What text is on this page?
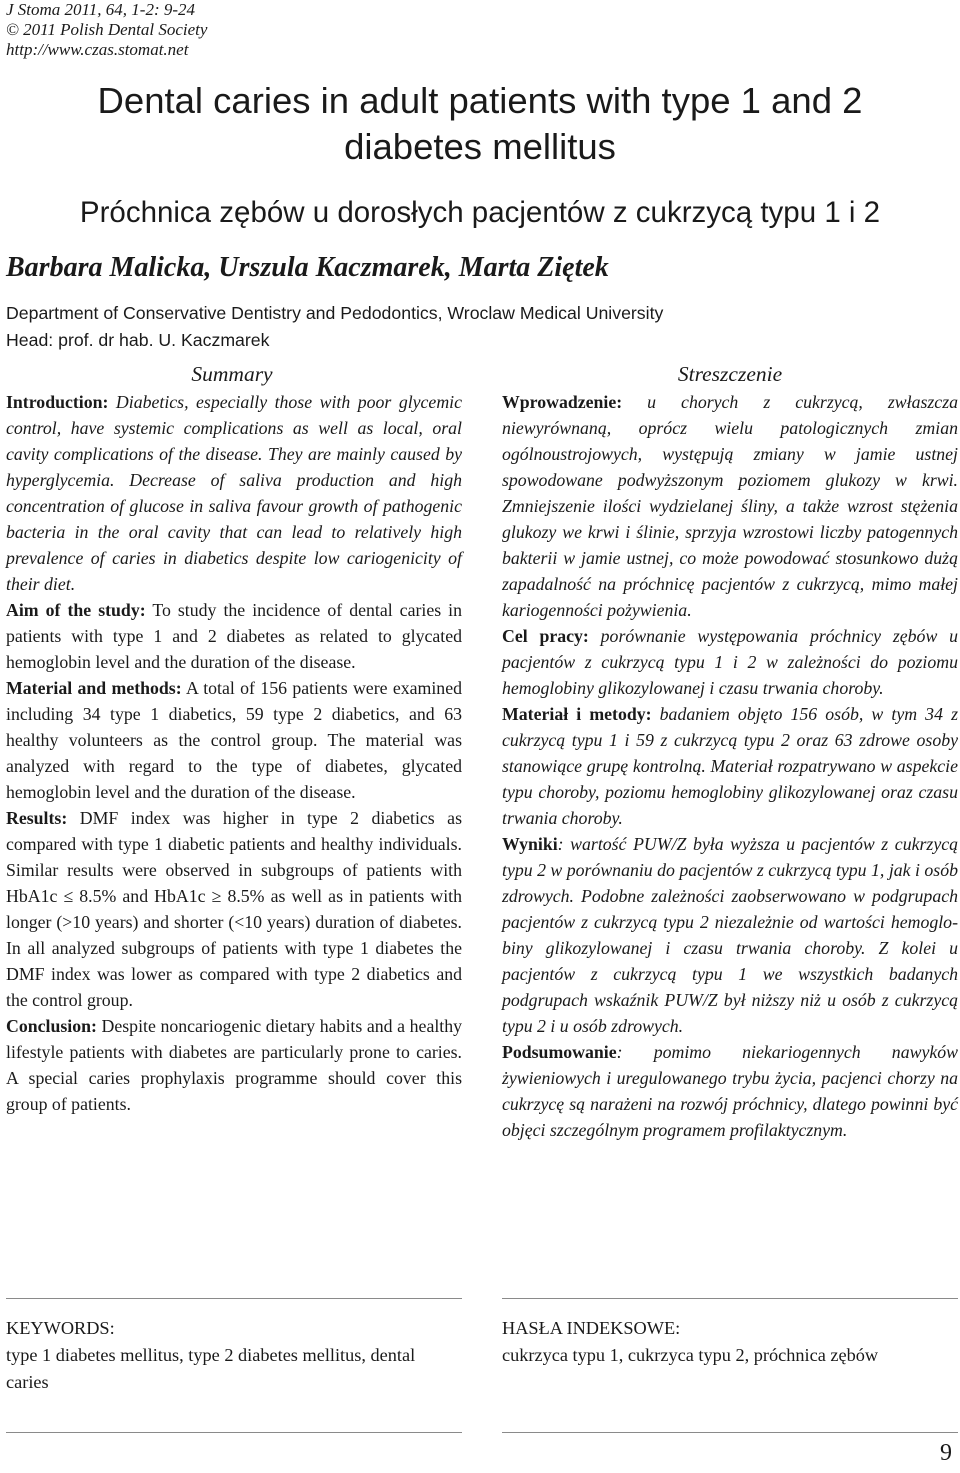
J Stoma 2011, 64, 1-2: 9-24
© 2011 Polish Dental Society
http://www.czas.stomat.net
Dental caries in adult patients with type 1 and 2 diabetes mellitus
Próchnica zębów u dorosłych pacjentów z cukrzycą typu 1 i 2
Barbara Malicka, Urszula Kaczmarek, Marta Ziętek
Department of Conservative Dentistry and Pedodontics, Wroclaw Medical University
Head: prof. dr hab. U. Kaczmarek
Summary	Streszczenie

Introduction: Diabetics, especially those with poor glycemic control, have systemic complications as well as local, oral cavity complications of the disease. They are mainly caused by hyperglycemia. Decrease of saliva production and high concentration of glucose in saliva favour growth of pathogenic bacteria in the oral cavity that can lead to relatively high prevalence of caries in diabetics despite low cariogenicity of their diet.

Aim of the study: To study the incidence of dental caries in patients with type 1 and 2 diabetes as related to glycated hemoglobin level and the duration of the disease.

Material and methods: A total of 156 patients were examined including 34 type 1 diabetics, 59 type 2 diabetics, and 63 healthy volunteers as the control group. The material was analyzed with regard to the type of diabetes, glycated hemoglobin level and the duration of the disease.

Results: DMF index was higher in type 2 diabetics as compared with type 1 diabetic patients and healthy individuals. Similar results were observed in subgroups of patients with HbA1c ≤ 8.5% and HbA1c ≥ 8.5% as well as in patients with longer (>10 years) and shorter (<10 years) duration of diabetes. In all analyzed subgroups of patients with type 1 diabetes the DMF index was lower as compared with type 2 diabetics and the control group.

Conclusion: Despite noncariogenic dietary habits and a healthy lifestyle patients with diabetes are particularly prone to caries. A special caries prophylaxis programme should cover this group of patients.

Wprowadzenie: u chorych z cukrzycą, zwłaszcza niewyrównaną, oprócz wielu patologicznych zmian ogólnoustrojowych, występują zmiany w jamie ustnej spowodowane podwyższonym poziomem glukozy w krwi. Zmniejszenie ilości wydzielanej śliny, a także wzrost stężenia glukozy we krwi i ślinie, sprzyja wzrostowi liczby patogennych bakterii w jamie ustnej, co może powodować stosunkowo dużą zapadalność na próchnicę pacjentów z cukrzycą, mimo małej kariogenności pożywienia.

Cel pracy: porównanie występowania próchnicy zębów u pacjentów z cukrzycą typu 1 i 2 w zależności do poziomu hemoglobiny glikozylowanej i czasu trwania choroby.

Materiał i metody: badaniem objęto 156 osób, w tym 34 z cukrzycą typu 1 i 59 z cukrzycą typu 2 oraz 63 zdrowe osoby stanowiące grupę kontrolną. Materiał rozpatrywano w aspekcie typu choroby, poziomu hemoglobiny glikozylowanej oraz czasu trwania choroby.

Wyniki: wartość PUW/Z była wyższa u pacjentów z cukrzycą typu 2 w porównaniu do pacjentów z cukrzycą typu 1, jak i osób zdrowych. Podobne zależności zaobserwowano w podgrupach pacjentów z cukrzycą typu 2 niezależnie od wartości hemoglobiny glikozylowanej i czasu trwania choroby. Z kolei u pacjentów z cukrzycą typu 1 we wszystkich badanych podgrupach wskaźnik PUW/Z był niższy niż u osób z cukrzycą typu 2 i u osób zdrowych.

Podsumowanie: pomimo niekariogennych nawyków żywieniowych i uregulowanego trybu życia, pacjenci chorzy na cukrzycę są narażeni na rozwój próchnicy, dlatego powinni być objęci szczególnym programem profilaktycznym.

KEYWORDS:
type 1 diabetes mellitus, type 2 diabetes mellitus, dental caries
HASŁA INDEKSOWE:
cukrzyca typu 1, cukrzyca typu 2, próchnica zębów
9
